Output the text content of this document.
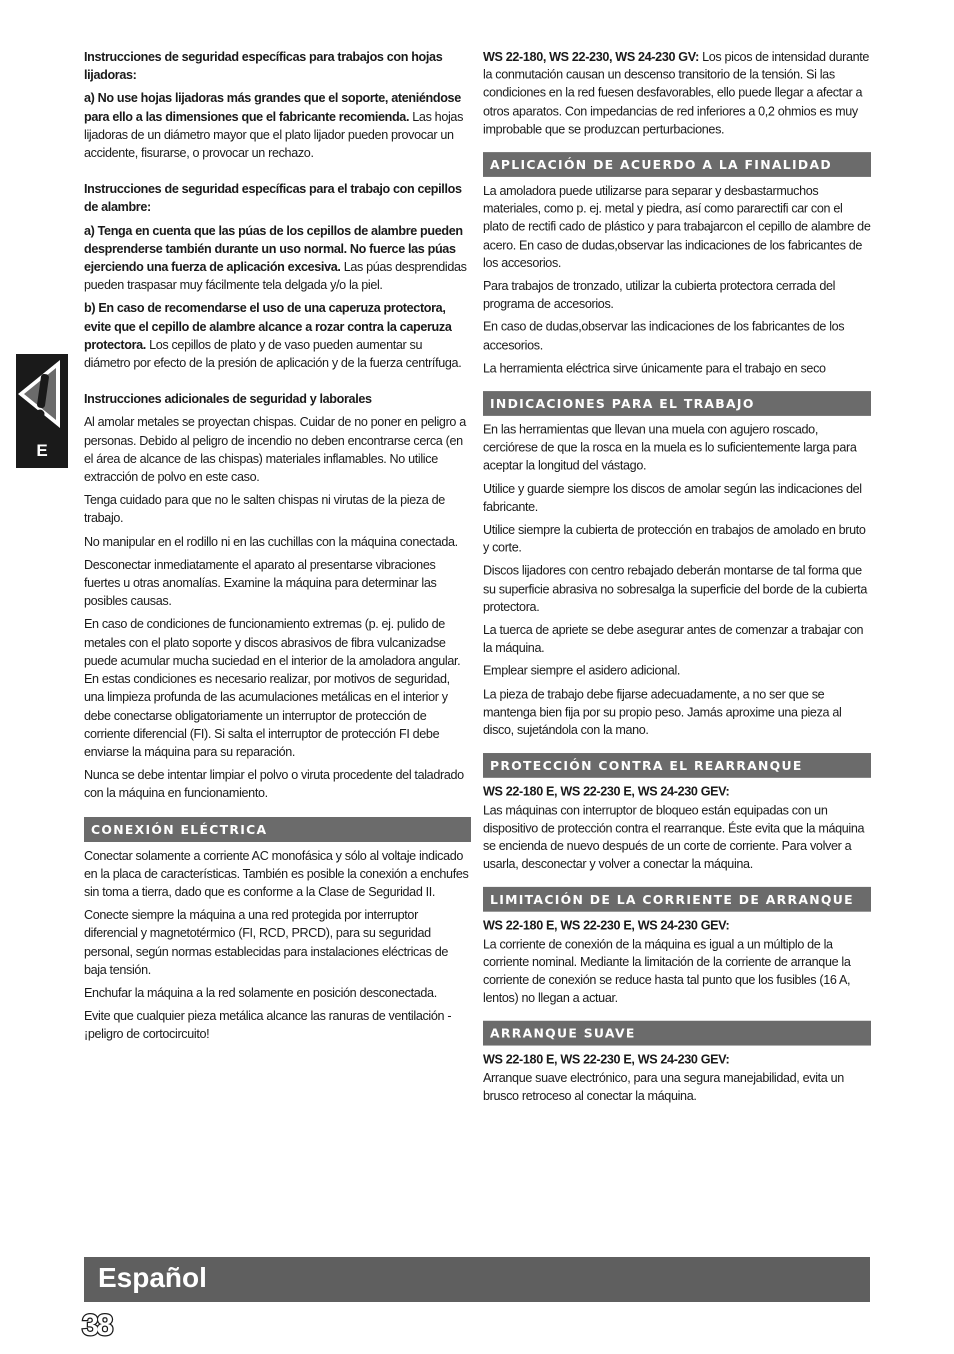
E

Instrucciones de seguridad específicas para trabajos con hojas lijadoras:

a) No use hojas lijadoras más grandes que el soporte, ateniéndose para ello a las dimensiones que el fabricante recomienda. Las hojas lijadoras de un diámetro mayor que el plato lijador pueden provocar un accidente, fisurarse, o provocar un rechazo.

Instrucciones de seguridad específicas para el trabajo con cepillos de alambre:

a) Tenga en cuenta que las púas de los cepillos de alambre pueden desprenderse también durante un uso normal. No fuerce las púas ejerciendo una fuerza de aplicación excesiva. Las púas desprendidas pueden traspasar muy fácilmente tela delgada y/o la piel.

b) En caso de recomendarse el uso de una caperuza protectora, evite que el cepillo de alambre alcance a rozar contra la caperuza protectora. Los cepillos de plato y de vaso pueden aumentar su diámetro por efecto de la presión de aplicación y de la fuerza centrífuga.

Instrucciones adicionales de seguridad y laborales

Al amolar metales se proyectan chispas. Cuidar de no poner en peligro a personas. Debido al peligro de incendio no deben encontrarse cerca (en el área de alcance de las chispas) materiales inflamables. No utilice extracción de polvo en este caso.

Tenga cuidado para que no le salten chispas ni virutas de la pieza de trabajo.

No manipular en el rodillo ni en las cuchillas con la máquina conectada.

Desconectar inmediatamente el aparato al presentarse vibraciones fuertes u otras anomalías. Examine la máquina para determinar las posibles causas.

En caso de condiciones de funcionamiento extremas (p. ej. pulido de metales con el plato soporte y discos abrasivos de fibra vulcanizadse puede acumular mucha suciedad en el interior de la amoladora angular. En estas condiciones es necesario realizar, por motivos de seguridad, una limpieza profunda de las acumulaciones metálicas en el interior y debe conectarse obligatoriamente un interruptor de protección de corriente diferencial (FI). Si salta el interruptor de protección FI debe enviarse la máquina para su reparación.

Nunca se debe intentar limpiar el polvo o viruta procedente del taladrado con la máquina en funcionamiento.

CONEXIÓN ELÉCTRICA

Conectar solamente a corriente AC monofásica y sólo al voltaje indicado en la placa de características. También es posible la conexión a enchufes sin toma a tierra, dado que es conforme a la Clase de Seguridad II.

Conecte siempre la máquina a una red protegida por interruptor diferencial y magnetotérmico (FI, RCD, PRCD), para su seguridad personal, según normas establecidas para instalaciones eléctricas de baja tensión.

Enchufar la máquina a la red solamente en posición desconectada.

Evite que cualquier pieza metálica alcance las ranuras de ventilación - ¡peligro de cortocircuito!

WS 22-180, WS 22-230, WS 24-230 GV: Los picos de intensidad durante la conmutación causan un descenso transitorio de la tensión. Si las condiciones en la red fuesen desfavorables, ello puede llegar a afectar a otros aparatos. Con impedancias de red inferiores a 0,2 ohmios es muy improbable que se produzcan perturbaciones.

APLICACIÓN DE ACUERDO A LA FINALIDAD

La amoladora puede utilizarse para separar y desbastarmuchos materiales, como p. ej. metal y piedra, así como pararectifi car con el plato de rectifi cado de plástico y para trabajarcon el cepillo de alambre de acero. En caso de dudas,observar las indicaciones de los fabricantes de los accesorios.

Para trabajos de tronzado, utilizar la cubierta protectora cerrada del programa de accesorios.

En caso de dudas,observar las indicaciones de los fabricantes de los accesorios.

La herramienta eléctrica sirve únicamente para el trabajo en seco

INDICACIONES PARA EL TRABAJO

En las herramientas que llevan una muela con agujero roscado, cerciórese de que la rosca en la muela es lo suficientemente larga para aceptar la longitud del vástago.

Utilice y guarde siempre los discos de amolar según las indicaciones del fabricante.

Utilice siempre la cubierta de protección en trabajos de amolado en bruto y corte.

Discos lijadores con centro rebajado deberán montarse de tal forma que su superficie abrasiva no sobresalga la superficie del borde de la cubierta protectora.

La tuerca de apriete se debe asegurar antes de comenzar a trabajar con la máquina.

Emplear siempre el asidero adicional.

La pieza de trabajo debe fijarse adecuadamente, a no ser que se mantenga bien fija por su propio peso. Jamás aproxime una pieza al disco, sujetándola con la mano.

PROTECCIÓN CONTRA EL REARRANQUE

WS 22-180 E, WS 22-230 E, WS 24-230 GEV:
Las máquinas con interruptor de bloqueo están equipadas con un dispositivo de protección contra el rearranque. Éste evita que la máquina se encienda de nuevo después de un corte de corriente. Para volver a usarla, desconectar y volver a conectar la máquina.

LIMITACIÓN DE LA CORRIENTE DE ARRANQUE

WS 22-180 E, WS 22-230 E, WS 24-230 GEV:
La corriente de conexión de la máquina es igual a un múltiplo de la corriente nominal. Mediante la limitación de la corriente de arranque la corriente de conexión se reduce hasta tal punto que los fusibles (16 A, lentos) no llegan a actuar.

ARRANQUE SUAVE

WS 22-180 E, WS 22-230 E, WS 24-230 GEV:
Arranque suave electrónico, para una segura manejabilidad, evita un brusco retroceso al conectar la máquina.

Español
38
